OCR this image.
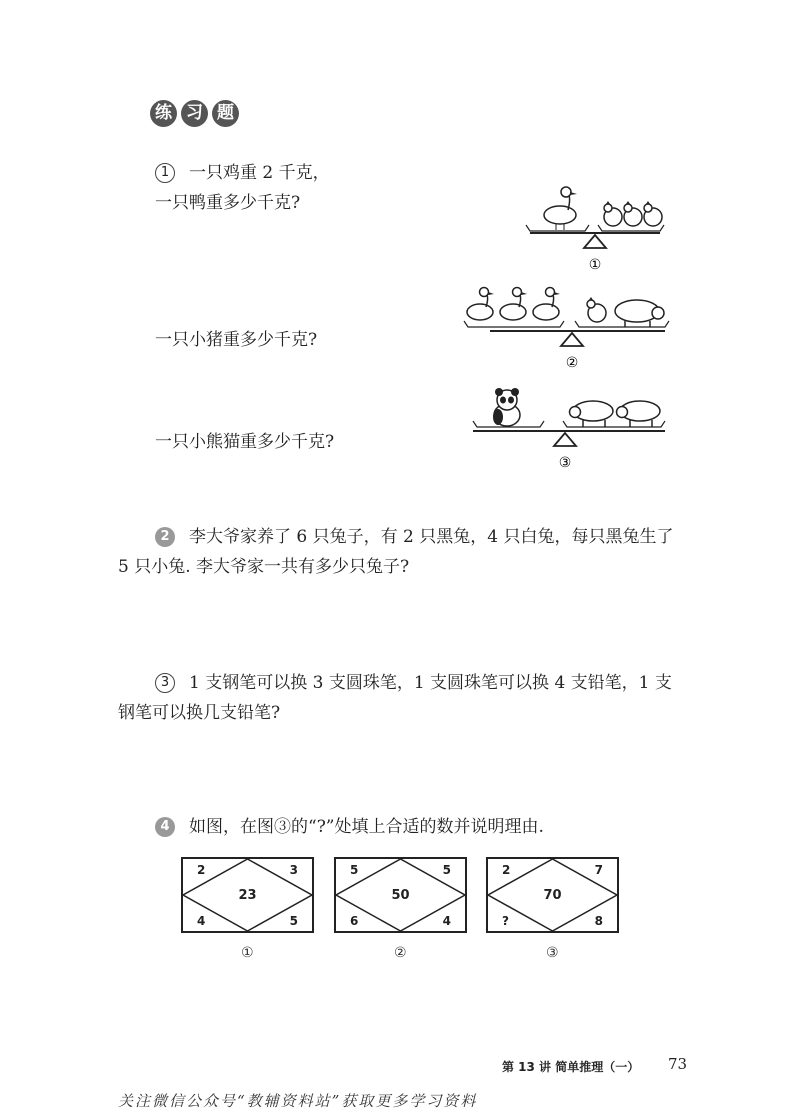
练 习 题
1 一只鸡重 2 千克，
一只鸭重多少千克?
一只小猪重多少千克?
一只小熊猫重多少千克?
①
②
③
2 李大爷家养了 6 只兔子，有 2 只黑兔，4 只白兔，每只黑兔生了
5 只小兔. 李大爷家一共有多少只兔子?
3 1 支钢笔可以换 3 支圆珠笔，1 支圆珠笔可以换 4 支铅笔，1 支
钢笔可以换几支铅笔?
4 如图，在图③的“?”处填上合适的数并说明理由.
2	3
23
4	5
①
5	5
50
6	4
②
2	7
70
?	8
③
第 13 讲 简单推理（一） 73
关注微信公众号“教辅资料站”获取更多学习资料
